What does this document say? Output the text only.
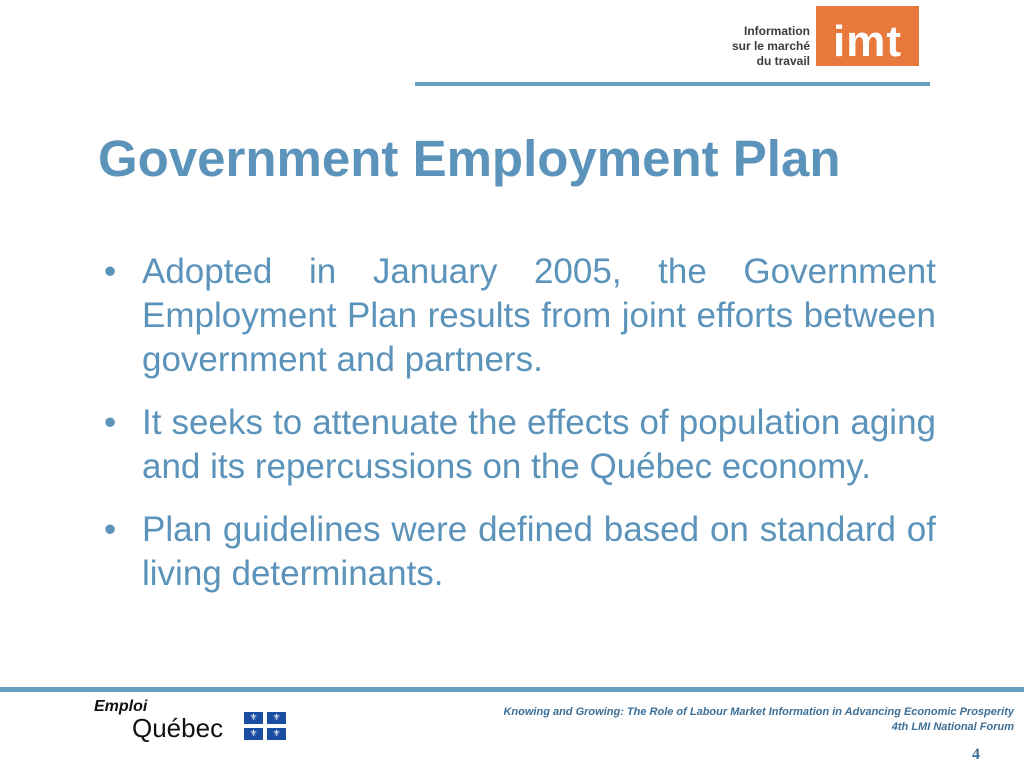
Information
sur le marché
du travail imt
Government Employment Plan
• Adopted in January 2005, the Government Employment Plan results from joint efforts between government and partners.
• It seeks to attenuate the effects of population aging and its repercussions on the Québec economy.
• Plan guidelines were defined based on standard of living determinants.
Emploi
Québec	⚜	⚜
⚜	⚜
Knowing and Growing: The Role of Labour Market Information in Advancing Economic Prosperity
4th LMI National Forum
4
